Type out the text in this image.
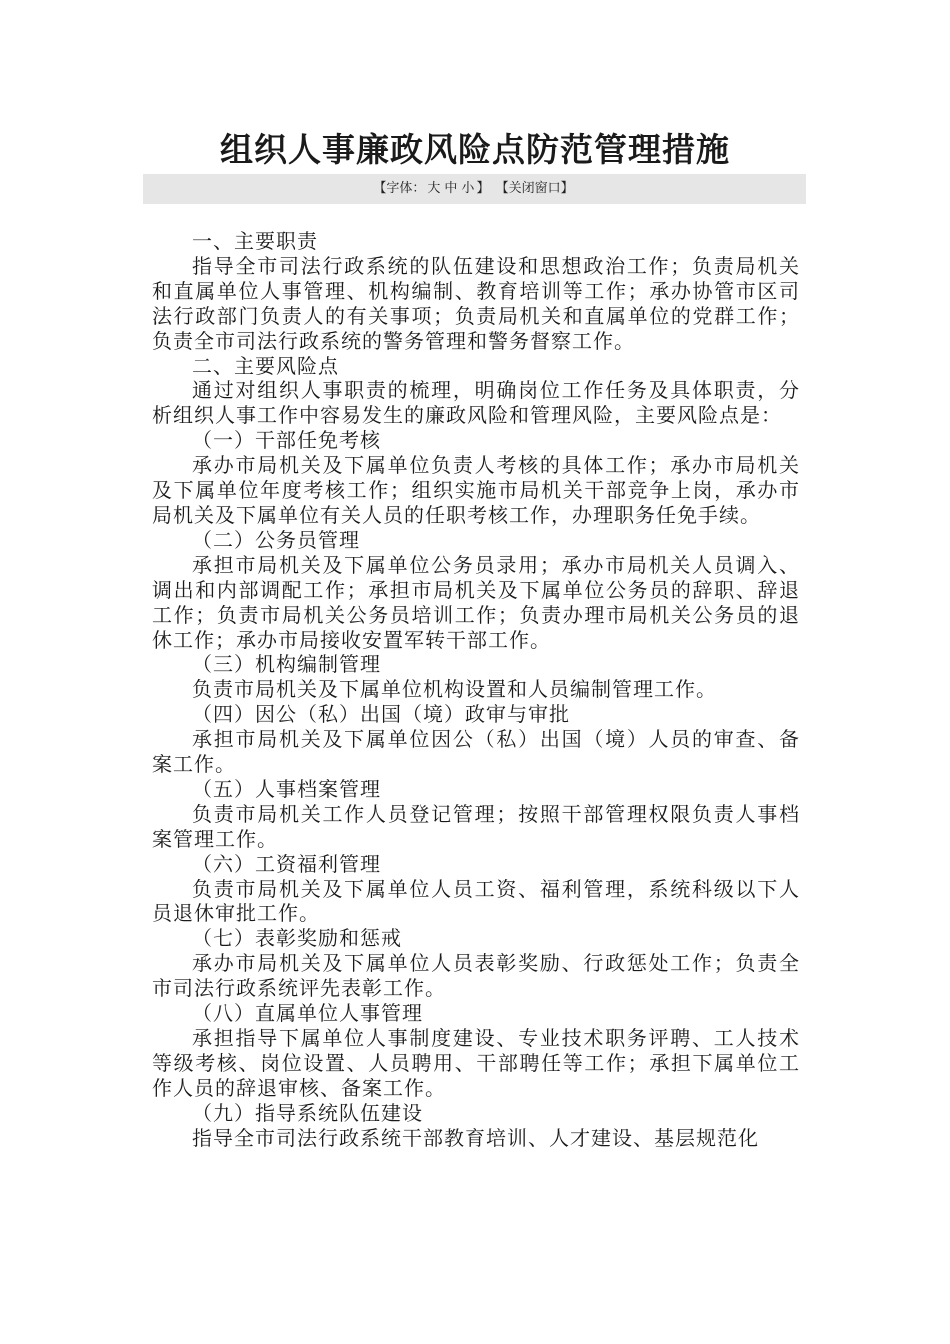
组织人事廉政风险点防范管理措施
【字体： 大 中 小 】 【关闭窗口】

一、主要职责

指导全市司法行政系统的队伍建设和思想政治工作；负责局机关和直属单位人事管理、机构编制、教育培训等工作；承办协管市区司法行政部门负责人的有关事项；负责局机关和直属单位的党群工作；负责全市司法行政系统的警务管理和警务督察工作。

二、主要风险点

通过对组织人事职责的梳理，明确岗位工作任务及具体职责，分析组织人事工作中容易发生的廉政风险和管理风险，主要风险点是：

（一）干部任免考核

承办市局机关及下属单位负责人考核的具体工作；承办市局机关及下属单位年度考核工作；组织实施市局机关干部竞争上岗，承办市局机关及下属单位有关人员的任职考核工作，办理职务任免手续。

（二）公务员管理

承担市局机关及下属单位公务员录用；承办市局机关人员调入、调出和内部调配工作；承担市局机关及下属单位公务员的辞职、辞退工作；负责市局机关公务员培训工作；负责办理市局机关公务员的退休工作；承办市局接收安置军转干部工作。

（三）机构编制管理

负责市局机关及下属单位机构设置和人员编制管理工作。

（四）因公（私）出国（境）政审与审批

承担市局机关及下属单位因公（私）出国（境）人员的审查、备案工作。

（五）人事档案管理

负责市局机关工作人员登记管理；按照干部管理权限负责人事档案管理工作。

（六）工资福利管理

负责市局机关及下属单位人员工资、福利管理，系统科级以下人员退休审批工作。

（七）表彰奖励和惩戒

承办市局机关及下属单位人员表彰奖励、行政惩处工作；负责全市司法行政系统评先表彰工作。

（八）直属单位人事管理

承担指导下属单位人事制度建设、专业技术职务评聘、工人技术等级考核、岗位设置、人员聘用、干部聘任等工作；承担下属单位工作人员的辞退审核、备案工作。

（九）指导系统队伍建设

指导全市司法行政系统干部教育培训、人才建设、基层规范化
